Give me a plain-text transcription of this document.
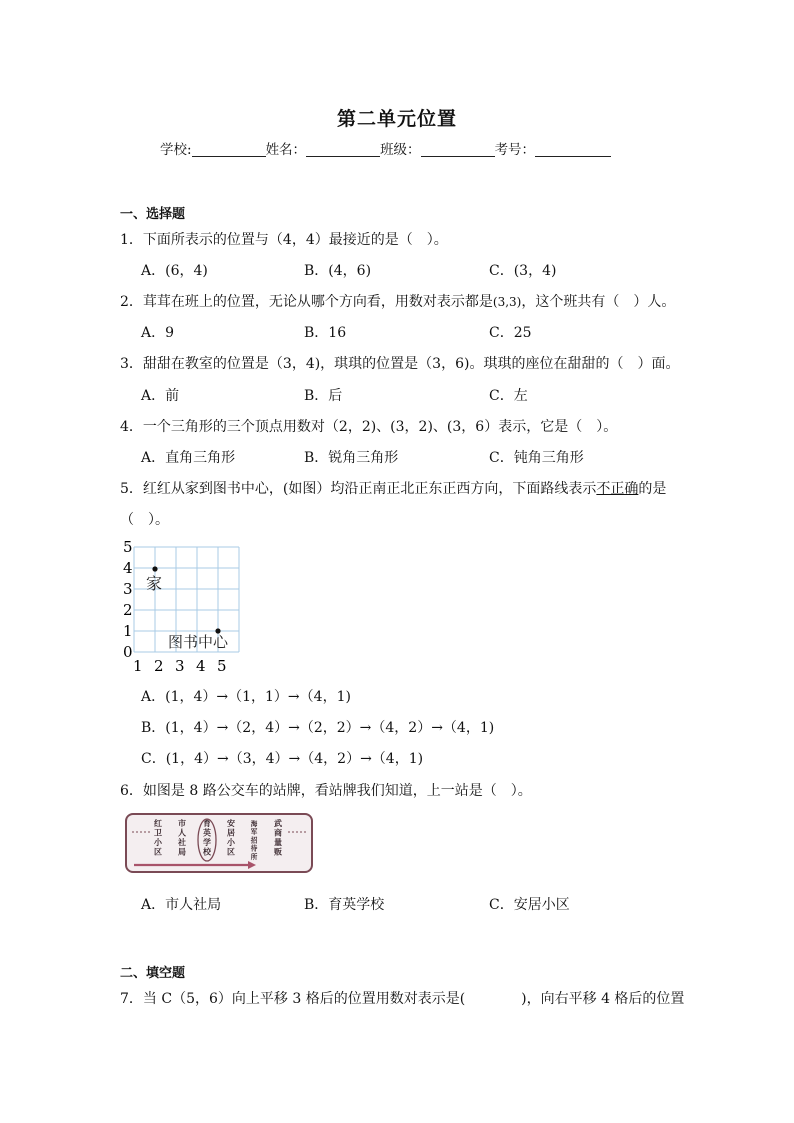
第二单元位置
学校:	姓名：	班级：	考号：
一、选择题
1．下面所表示的位置与（4，4）最接近的是（　）。
A．(6，4)	B．(4，6)	C．(3，4)
2．茸茸在班上的位置，无论从哪个方向看，用数对表示都是(3,3)，这个班共有（　）人。
A．9	B．16	C．25
3．甜甜在教室的位置是（3，4)，琪琪的位置是（3，6)。琪琪的座位在甜甜的（　）面。
A．前	B．后	C．左
4．一个三角形的三个顶点用数对（2，2)、(3，2)、(3，6）表示，它是（　）。
A．直角三角形	B．锐角三角形	C．钝角三角形
5．红红从家到图书中心，(如图）均沿正南正北正东正西方向，下面路线表示不正确的是
（　）。
1 2 3 4 5
0
1
2
3
4
5
家
图书中心
A．(1，4）→（1，1）→（4，1)
B．(1，4）→（2，4）→（2，2）→（4，2）→（4，1)
C．(1，4）→（3，4）→（4，2）→（4，1)
6．如图是 8 路公交车的站牌，看站牌我们知道，上一站是（　）。
红
卫
小
区
市
人
社
局
育
英
学
校
安
居
小
区
海
军
招
待
所
武
商
量
贩
A．市人社局	B．育英学校	C．安居小区
二、填空题
7．当 C（5，6）向上平移 3 格后的位置用数对表示是(	)，向右平移 4 格后的位置
